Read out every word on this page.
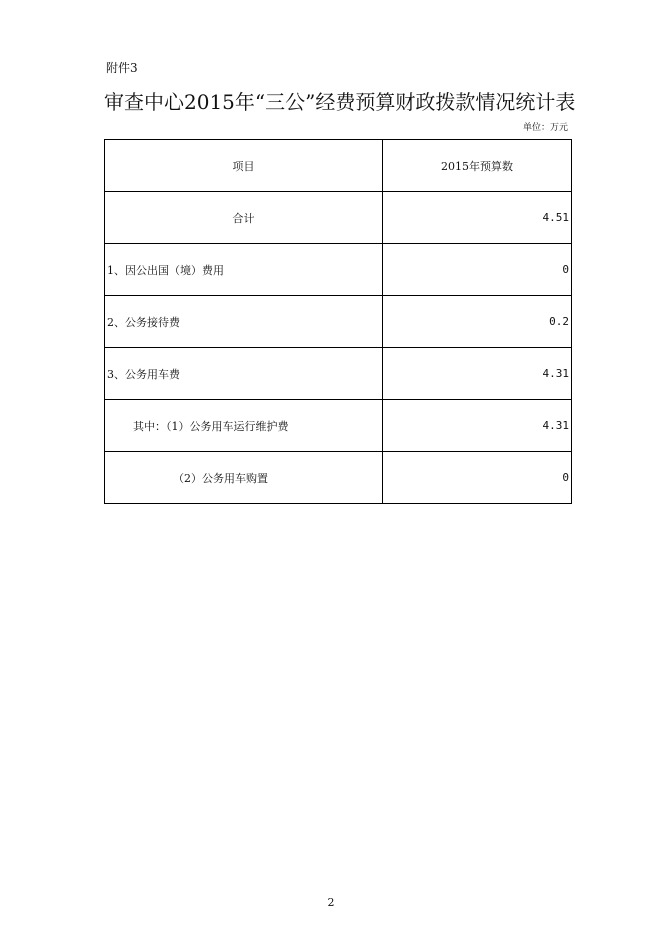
附件3
审查中心2015年“三公”经费预算财政拨款情况统计表
单位：万元
项目	2015年预算数
合计	4.51
1、因公出国（境）费用	0
2、公务接待费	0.2
3、公务用车费	4.31
其中：（1）公务用车运行维护费	4.31
（2）公务用车购置	0
2
